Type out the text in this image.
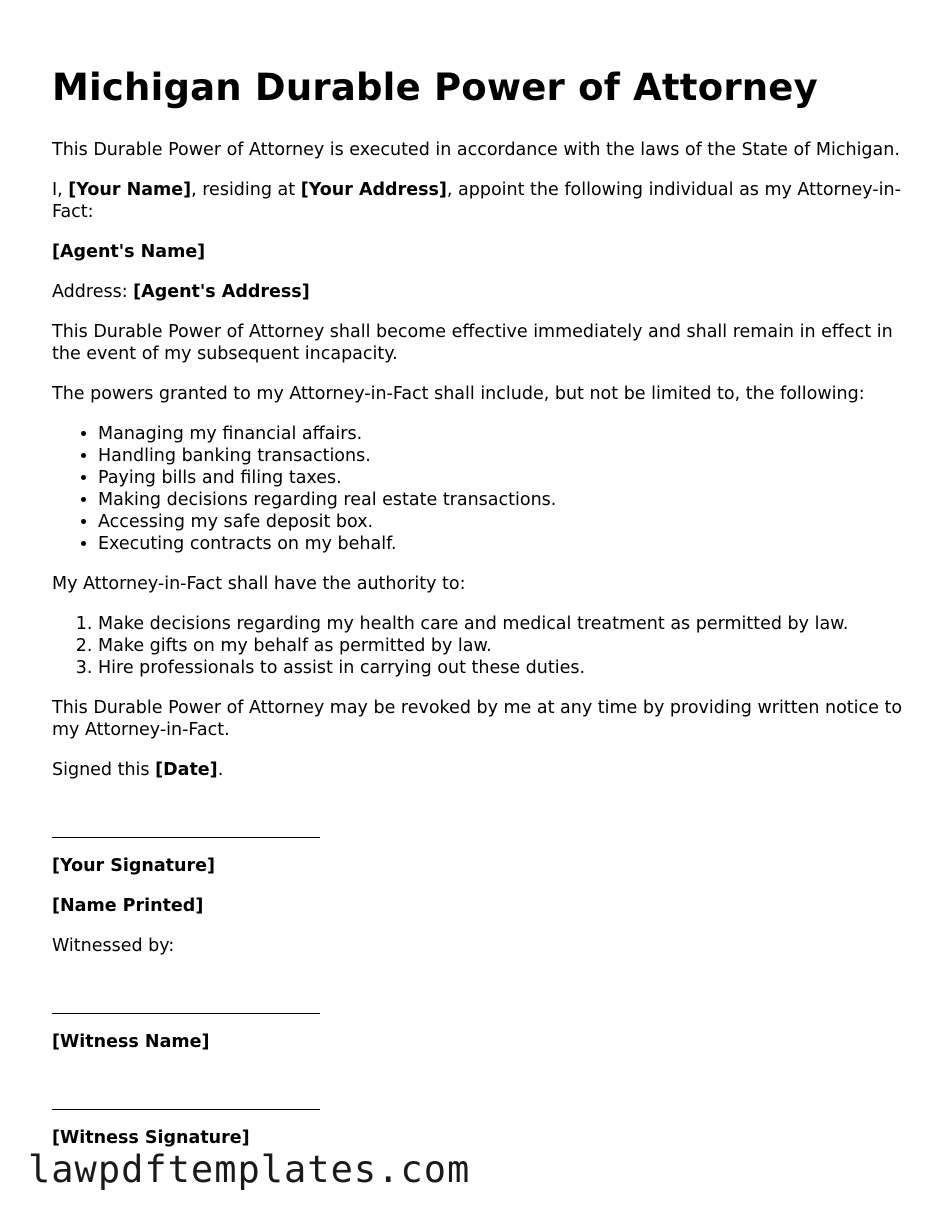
Michigan Durable Power of Attorney

This Durable Power of Attorney is executed in accordance with the laws of the State of Michigan.

I, [Your Name], residing at [Your Address], appoint the following individual as my Attorney-in-Fact:

[Agent's Name]

Address: [Agent's Address]

This Durable Power of Attorney shall become effective immediately and shall remain in effect in the event of my subsequent incapacity.

The powers granted to my Attorney-in-Fact shall include, but not be limited to, the following:

• Managing my financial affairs.
• Handling banking transactions.
• Paying bills and filing taxes.
• Making decisions regarding real estate transactions.
• Accessing my safe deposit box.
• Executing contracts on my behalf.

My Attorney-in-Fact shall have the authority to:

1. Make decisions regarding my health care and medical treatment as permitted by law.
2. Make gifts on my behalf as permitted by law.
3. Hire professionals to assist in carrying out these duties.

This Durable Power of Attorney may be revoked by me at any time by providing written notice to my Attorney-in-Fact.

Signed this [Date].

[Your Signature]

[Name Printed]

Witnessed by:

[Witness Name]

[Witness Signature]

lawpdftemplates.com
